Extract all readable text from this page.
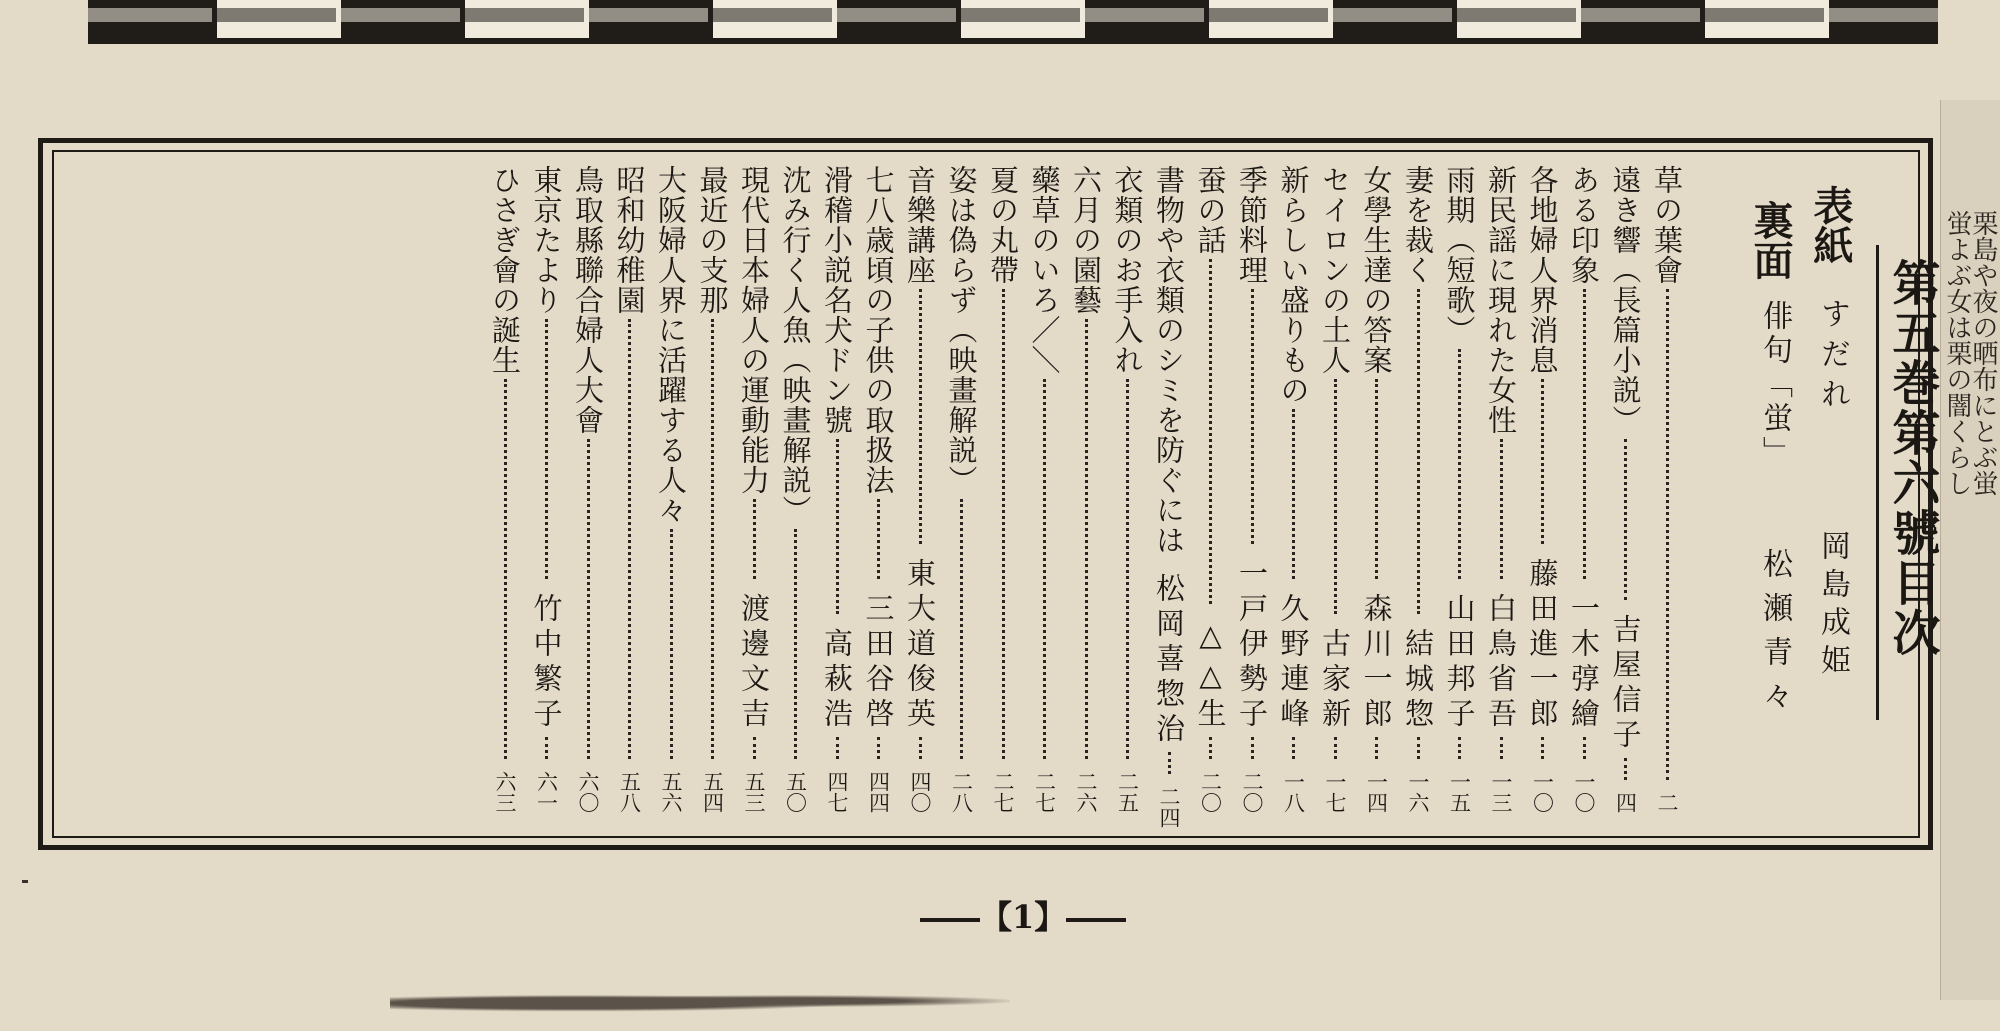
栗島や夜の晒布にとぶ蛍
蛍よぶ女は栗の闇くらし
第五巻第六號目次
表紙
すだれ
岡島成姫
裏面
俳句「蛍」
松瀬青々
草の葉會
二
遠き響（長篇小説）
吉屋信子
四
ある印象
一木弴繪
一〇
各地婦人界消息
藤田進一郎
一〇
新民謡に現れた女性
白鳥省吾
一三
雨期（短歌）
山田邦子
一五
妻を裁く
結城惣
一六
女學生達の答案
森川一郎
一四
セイロンの土人
古家新
一七
新らしい盛りもの
久野連峰
一八
季節料理
一戸伊勢子
二〇
蚕の話
△△生
二〇
書物や衣類のシミを防ぐには
松岡喜惣治
二四
衣類のお手入れ
二五
六月の園藝
二六
藥草のいろ／＼
二七
夏の丸帶
二七
姿は偽らず（映畫解説）
二八
音樂講座
東大道俊英
四〇
七八歳頃の子供の取扱法
三田谷啓
四四
滑稽小説名犬ドン號
高萩浩
四七
沈み行く人魚（映畫解説）
五〇
現代日本婦人の運動能力
渡邊文吉
五三
最近の支那
五四
大阪婦人界に活躍する人々
五六
昭和幼稚園
五八
鳥取縣聯合婦人大會
六〇
東京たより
竹中繁子
六一
ひさぎ會の誕生
六三
【1】
